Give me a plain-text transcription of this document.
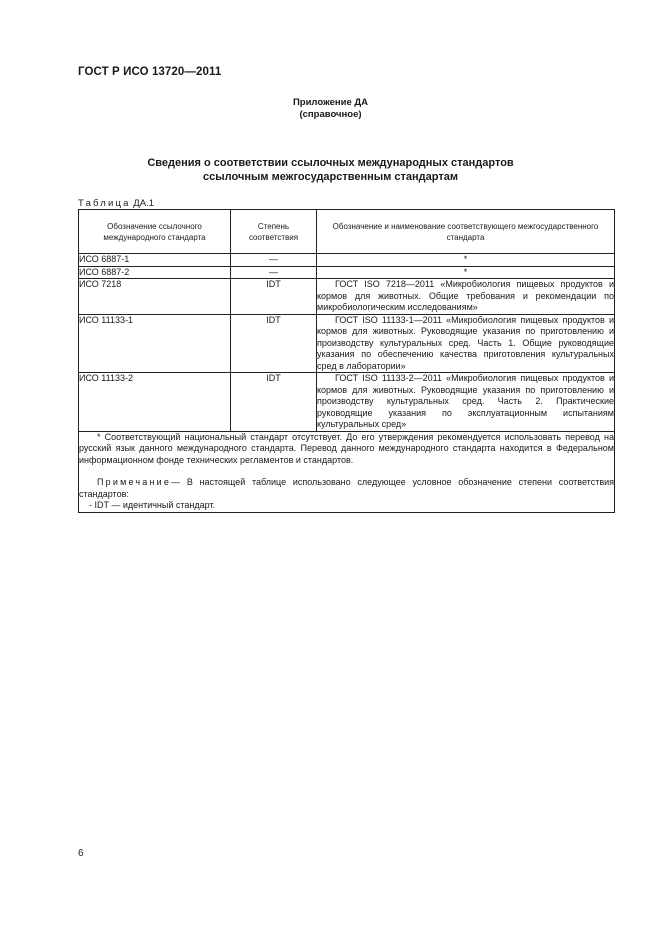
ГОСТ Р ИСО 13720—2011
Приложение ДА
(справочное)
Сведения о соответствии ссылочных международных стандартов
ссылочным межгосударственным стандартам
Таблица ДА.1
Обозначение ссылочного международного стандарта	Степень соответствия	Обозначение и наименование соответствующего межгосударственного стандарта
ИСО 6887-1	—	*
ИСО 6887-2	—	*
ИСО 7218	IDT	ГОСТ ISO 7218—2011 «Микробиология пищевых продуктов и кормов для животных. Общие требования и рекомендации по микробиологическим исследованиям»

ИСО 11133-1	IDT	ГОСТ ISO 11133-1—2011 «Микробиология пищевых продуктов и кормов для животных. Руководящие указания по приготовлению и производству культуральных сред. Часть 1. Общие руководящие указания по обеспечению качества приготовления культуральных сред в лаборатории»

ИСО 11133-2	IDT	ГОСТ ISO 11133-2—2011 «Микробиология пищевых продуктов и кормов для животных. Руководящие указания по приготовлению и производству культуральных сред. Часть 2. Практические руководящие указания по эксплуатационным испытаниям культуральных сред»

* Соответствующий национальный стандарт отсутствует. До его утверждения рекомендуется использовать перевод на русский язык данного международного стандарта. Перевод данного международного стандарта находится в Федеральном информационном фонде технических регламентов и стандартов.

Примечание— В настоящей таблице использовано следующее условное обозначение степени соответствия стандартов:

- IDT — идентичный стандарт.		

6
